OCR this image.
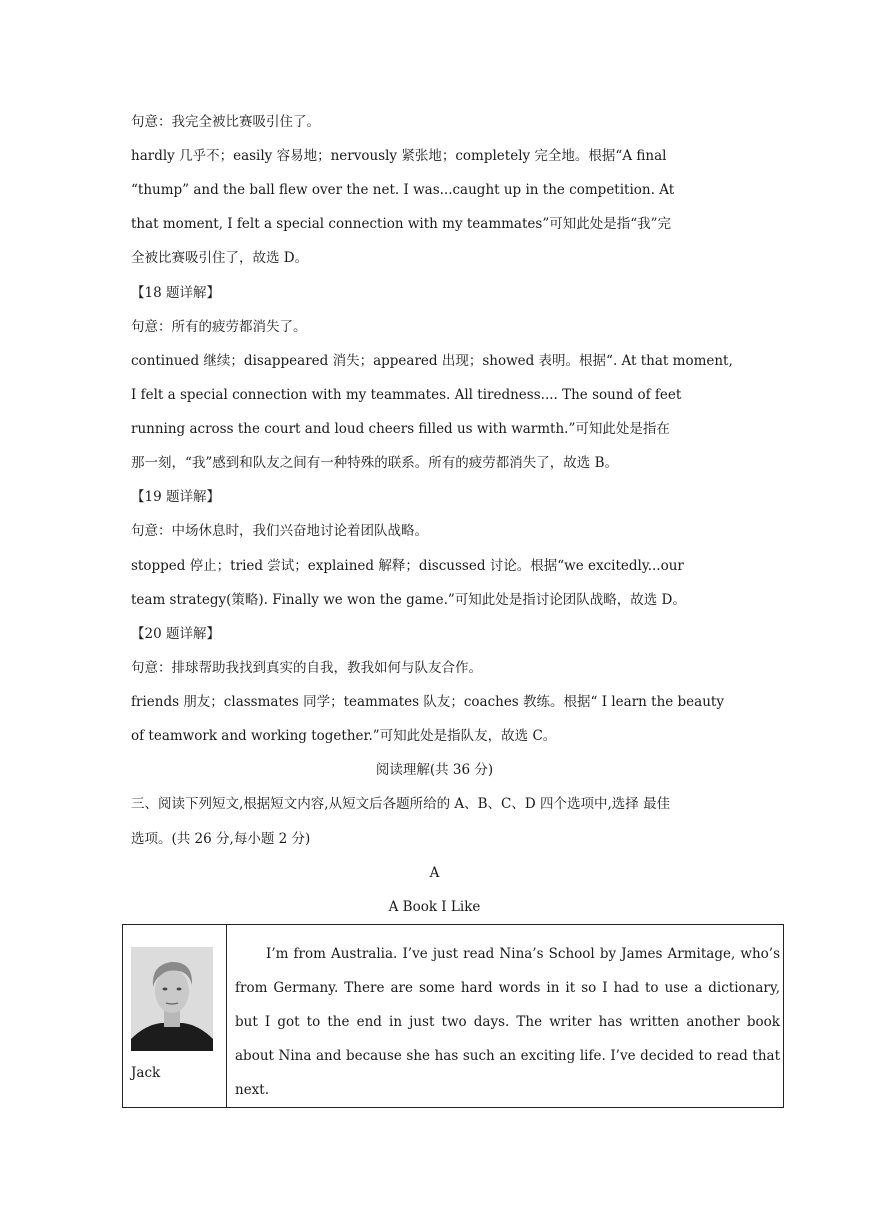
句意：我完全被比赛吸引住了。
hardly 几乎不；easily 容易地；nervously 紧张地；completely 完全地。根据“A final
“thump” and the ball flew over the net. I was...caught up in the competition. At
that moment, I felt a special connection with my teammates”可知此处是指“我”完
全被比赛吸引住了，故选 D。
【18 题详解】
句意：所有的疲劳都消失了。
continued 继续；disappeared 消失；appeared 出现；showed 表明。根据“. At that moment,
I felt a special connection with my teammates. All tiredness.... The sound of feet
running across the court and loud cheers filled us with warmth.”可知此处是指在
那一刻，“我”感到和队友之间有一种特殊的联系。所有的疲劳都消失了，故选 B。
【19 题详解】
句意：中场休息时，我们兴奋地讨论着团队战略。
stopped 停止；tried 尝试；explained 解释；discussed 讨论。根据“we excitedly...our
team strategy(策略). Finally we won the game.”可知此处是指讨论团队战略，故选 D。
【20 题详解】
句意：排球帮助我找到真实的自我，教我如何与队友合作。
friends 朋友；classmates 同学；teammates 队友；coaches 教练。根据“ I learn the beauty
of teamwork and working together.”可知此处是指队友，故选 C。
阅读理解(共 36 分)
三、阅读下列短文,根据短文内容,从短文后各题所给的 A、B、C、D 四个选项中,选择 最佳
选项。(共 26 分,每小题 2 分)
A
A Book I Like
Jack

I’m from Australia. I’ve just read Nina’s School by James Armitage, who’s from Germany. There are some hard words in it so I had to use a dictionary, but I got to the end in just two days. The writer has written another book about Nina and because she has such an exciting life. I’ve decided to read that next.
